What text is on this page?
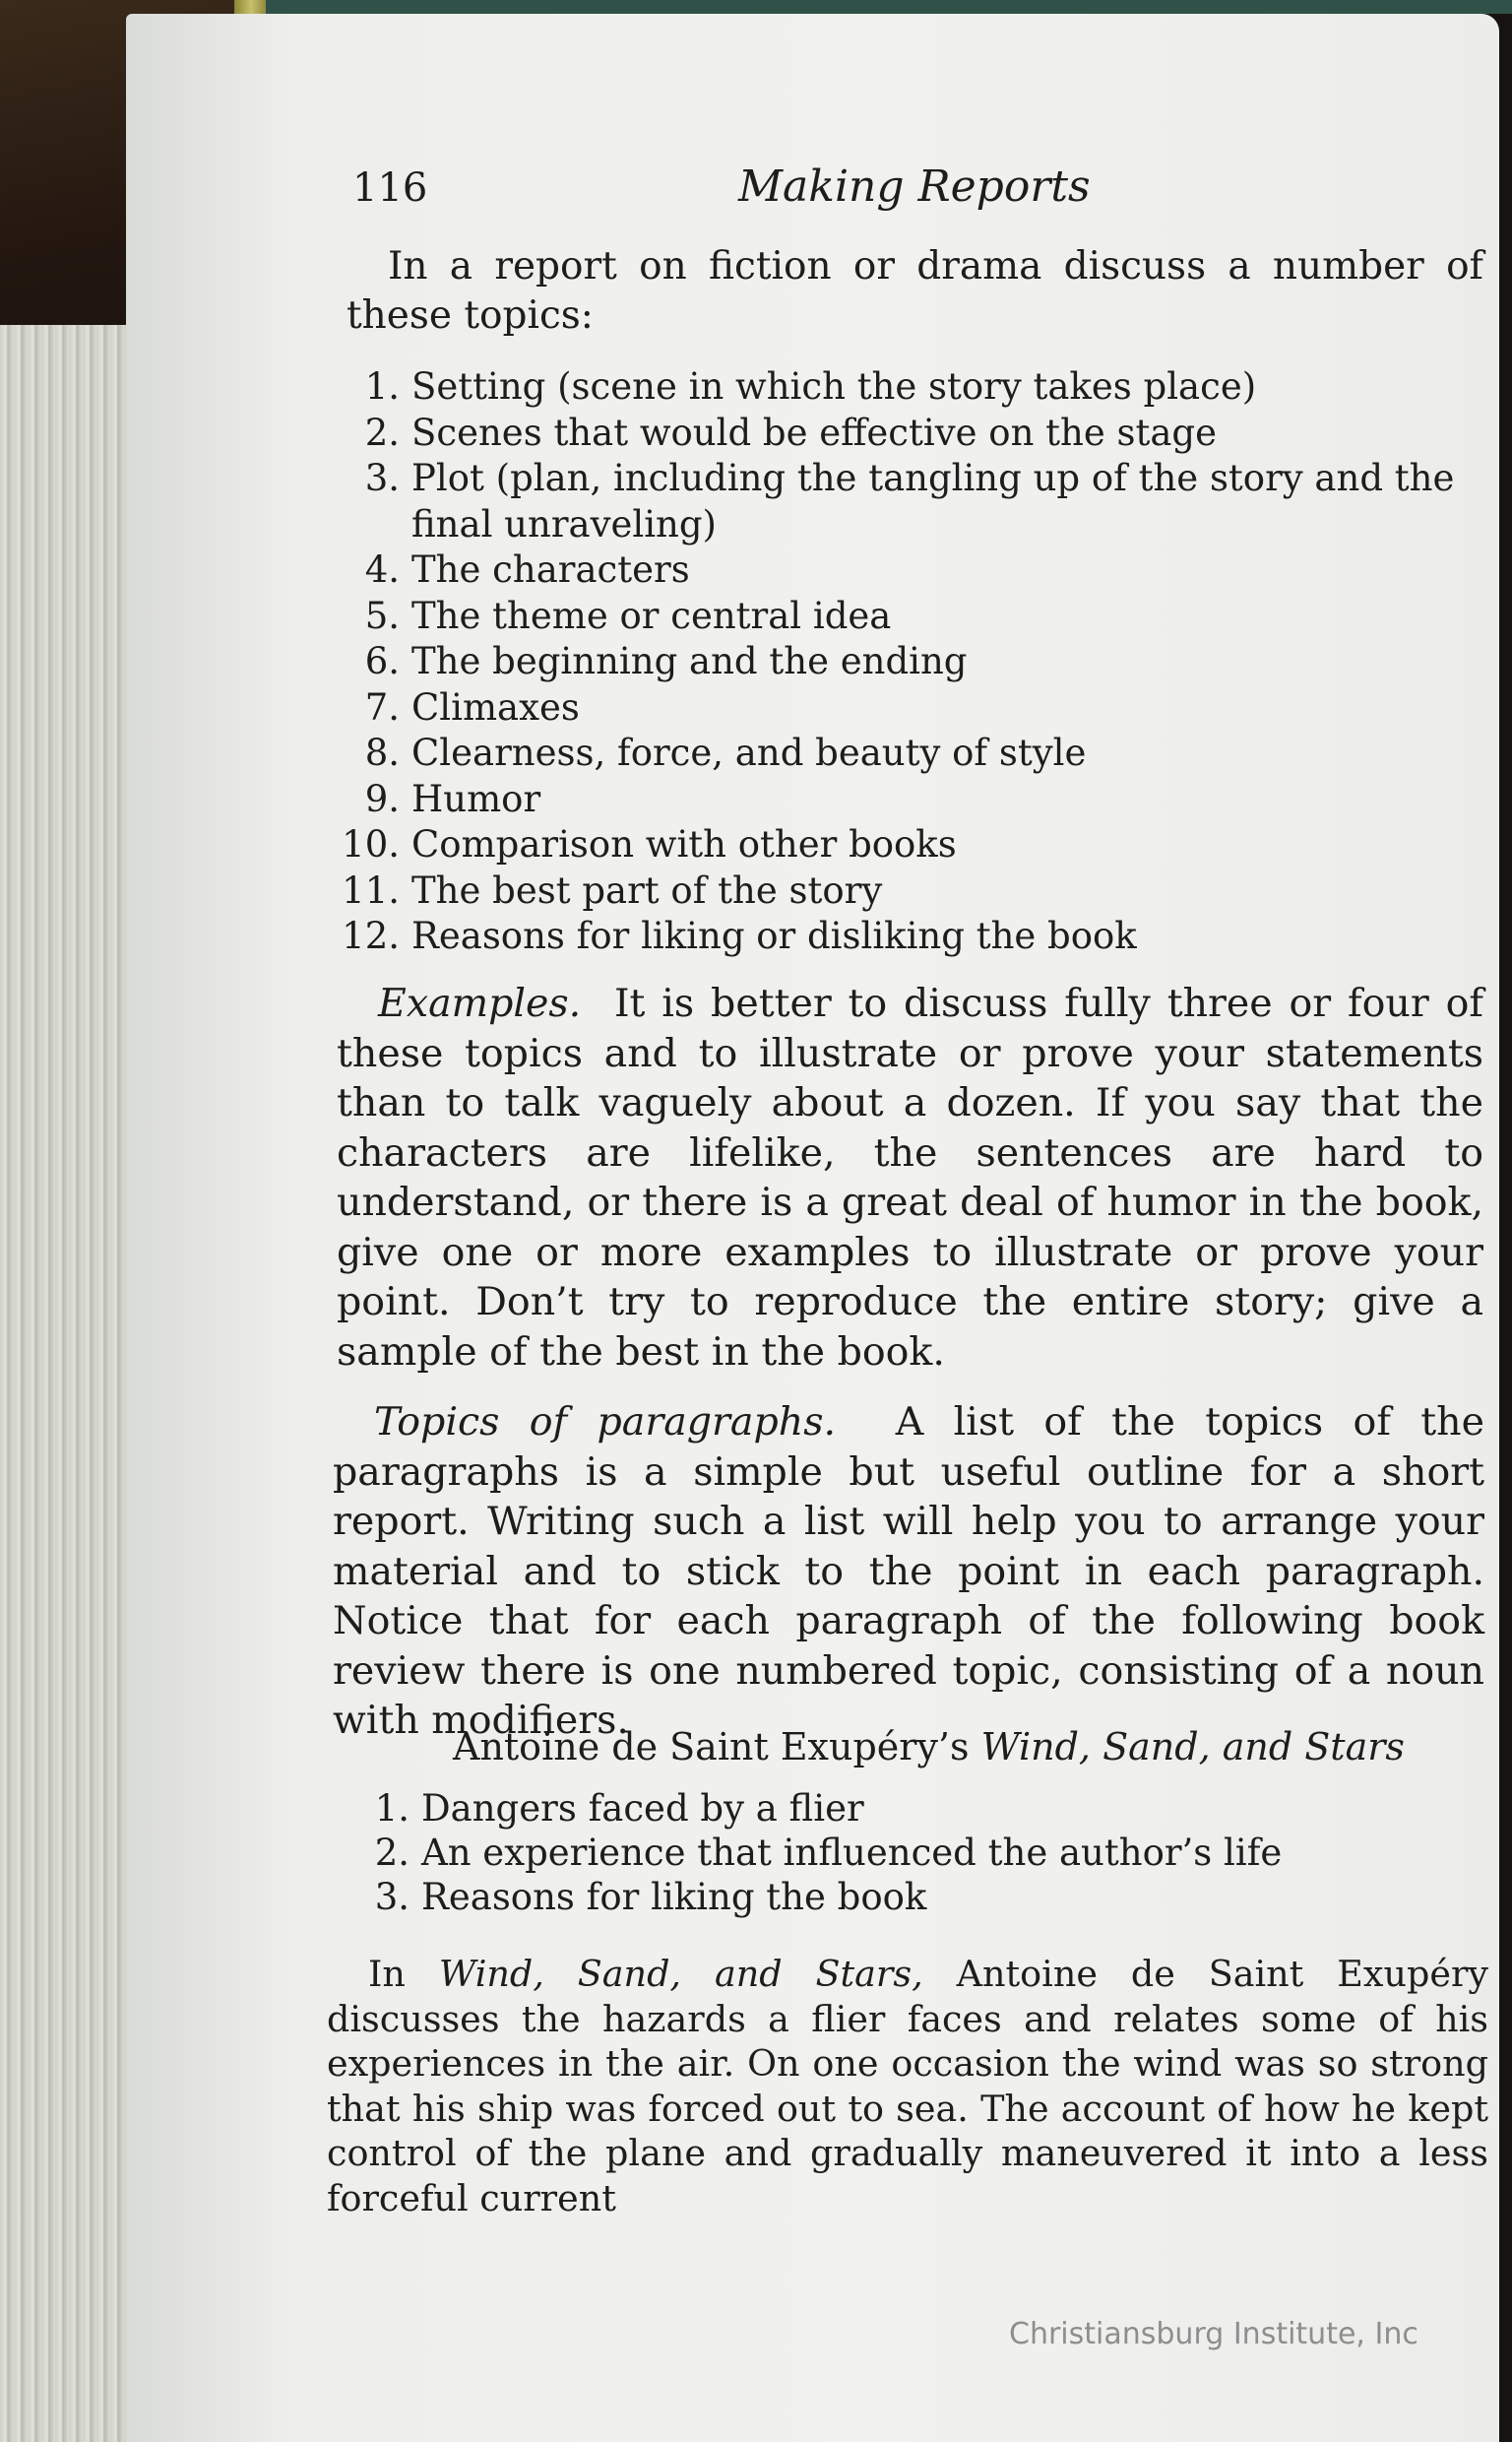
116	Making Reports
In a report on fiction or drama discuss a number of these topics:
1. Setting (scene in which the story takes place)
2. Scenes that would be effective on the stage
3. Plot (plan, including the tangling up of the story and the final unraveling)
4. The characters
5. The theme or central idea
6. The beginning and the ending
7. Climaxes
8. Clearness, force, and beauty of style
9. Humor
10. Comparison with other books
11. The best part of the story
12. Reasons for liking or disliking the book
Examples. It is better to discuss fully three or four of these topics and to illustrate or prove your statements than to talk vaguely about a dozen. If you say that the characters are lifelike, the sentences are hard to understand, or there is a great deal of humor in the book, give one or more examples to illustrate or prove your point. Don’t try to reproduce the entire story; give a sample of the best in the book.
Topics of paragraphs. A list of the topics of the paragraphs is a simple but useful outline for a short report. Writing such a list will help you to arrange your material and to stick to the point in each paragraph. Notice that for each paragraph of the following book review there is one numbered topic, consisting of a noun with modifiers.
Antoine de Saint Exupéry’s Wind, Sand, and Stars
1. Dangers faced by a flier
2. An experience that influenced the author’s life
3. Reasons for liking the book
In Wind, Sand, and Stars, Antoine de Saint Exupéry discusses the hazards a flier faces and relates some of his experiences in the air. On one occasion the wind was so strong that his ship was forced out to sea. The account of how he kept control of the plane and gradually maneuvered it into a less forceful current
Christiansburg Institute, Inc
